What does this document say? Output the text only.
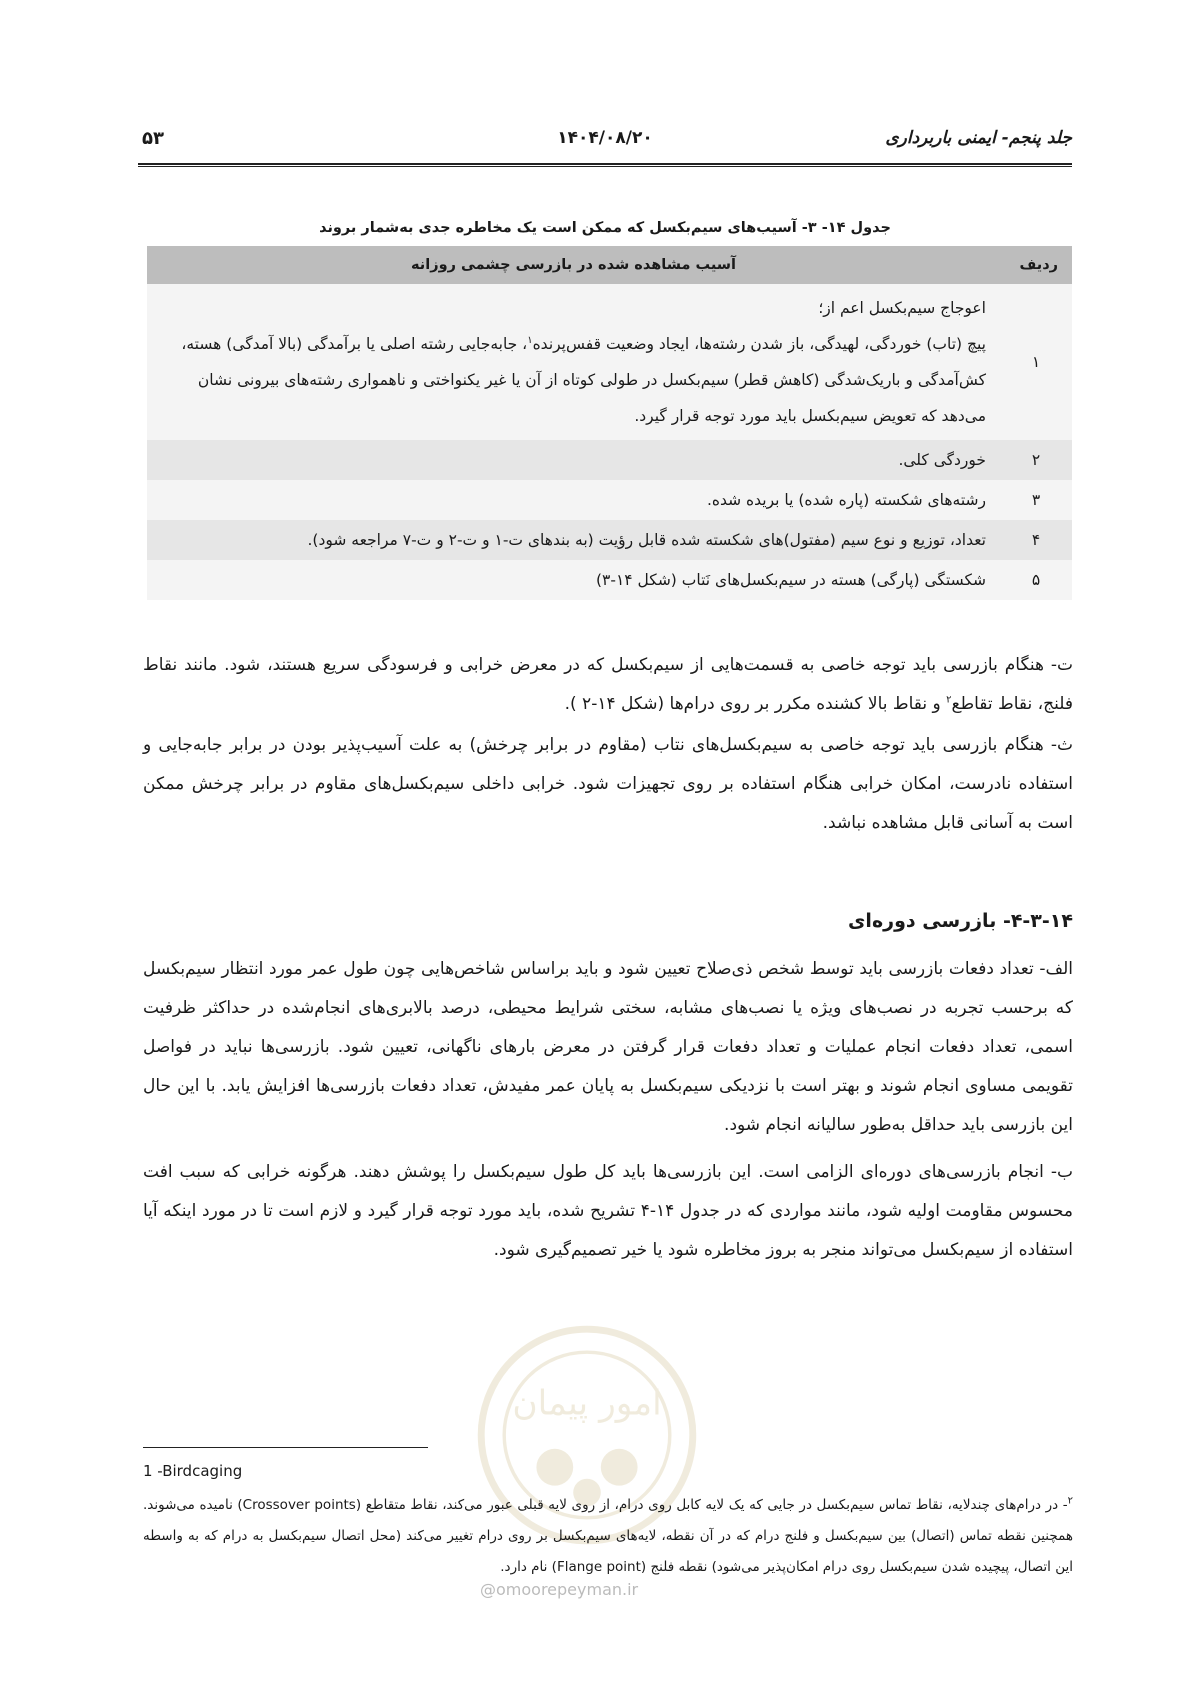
جلد پنجم- ایمنی باربرداری
۱۴۰۴/۰۸/۲۰
۵۳
جدول ۱۴- ۳- آسیب‌های سیم‌بکسل که ممکن است یک مخاطره جدی به‌شمار بروند
ردیف	آسیب مشاهده شده در بازرسی چشمی روزانه
۱	اعوجاج سیم‌بکسل اعم از؛

پیچ (تاب) خوردگی، لهیدگی، باز شدن رشته‌ها، ایجاد وضعیت قفس‌پرنده$^۱$، جابه‌جایی رشته اصلی یا برآمدگی (بالا آمدگی) هسته، کش‌آمدگی و باریک‌شدگی (کاهش قطر) سیم‌بکسل در طولی کوتاه از آن یا غیر یکنواختی و ناهمواری رشته‌های بیرونی نشان می‌دهد که تعویض سیم‌بکسل باید مورد توجه قرار گیرد.

۲	خوردگی کلی.
۳	رشته‌های شکسته (پاره شده) یا بریده شده.
۴	تعداد، توزیع و نوع سیم (مفتول)های شکسته شده قابل رؤیت (به بندهای ت-۱ و ت-۲ و ت-۷ مراجعه شود).
۵	شکستگی (پارگی) هسته در سیم‌بکسل‌های نَتاب (شکل ۱۴-۳)

ت- هنگام بازرسی باید توجه خاصی به قسمت‌هایی از سیم‌بکسل که در معرض خرابی و فرسودگی سریع هستند، شود. مانند نقاط فلنج، نقاط تقاطع$^۲$ و نقاط بالا کشنده مکرر بر روی درام‌ها (شکل ۱۴-۲ ).

ث- هنگام بازرسی باید توجه خاصی به سیم‌بکسل‌های نتاب (مقاوم در برابر چرخش) به علت آسیب‌پذیر بودن در برابر جابه‌جایی و استفاده نادرست، امکان خرابی هنگام استفاده بر روی تجهیزات شود. خرابی داخلی سیم‌بکسل‌های مقاوم در برابر چرخش ممکن است به آسانی قابل مشاهده نباشد.

۴-۳-۱۴- بازرسی دوره‌ای

الف- تعداد دفعات بازرسی باید توسط شخص ذی‌صلاح تعیین شود و باید براساس شاخص‌هایی چون طول عمر مورد انتظار سیم‌بکسل که برحسب تجربه در نصب‌های ویژه یا نصب‌های مشابه، سختی شرایط محیطی، درصد بالابری‌های انجام‌شده در حداکثر ظرفیت اسمی، تعداد دفعات انجام عملیات و تعداد دفعات قرار گرفتن در معرض بارهای ناگهانی، تعیین شود. بازرسی‌ها نباید در فواصل تقویمی مساوی انجام شوند و بهتر است با نزدیکی سیم‌بکسل به پایان عمر مفیدش، تعداد دفعات بازرسی‌ها افزایش یابد. با این حال این بازرسی باید حداقل به‌طور سالیانه انجام شود.

ب- انجام بازرسی‌های دوره‌ای الزامی است. این بازرسی‌ها باید کل طول سیم‌بکسل را پوشش دهند. هرگونه خرابی که سبب افت محسوس مقاومت اولیه شود، مانند مواردی که در جدول ۱۴-۴ تشریح شده، باید مورد توجه قرار گیرد و لازم است تا در مورد اینکه آیا استفاده از سیم‌بکسل می‌تواند منجر به بروز مخاطره شود یا خیر تصمیم‌گیری شود.

امور پیمان
@omoorepeyman.ir
1 -Birdcaging
$^۲$- در درام‌های چندلایه، نقاط تماس سیم‌بکسل در جایی که یک لایه کابل روی درام، از روی لایه قبلی عبور می‌کند، نقاط متقاطع (Crossover points) نامیده می‌شوند. همچنین نقطه تماس (اتصال) بین سیم‌بکسل و فلنج درام که در آن نقطه، لایه‌های سیم‌بکسل بر روی درام تغییر می‌کند (محل اتصال سیم‌بکسل به درام که به واسطه این اتصال، پیچیده شدن سیم‌بکسل روی درام امکان‌پذیر می‌شود) نقطه فلنج (Flange point) نام دارد.
